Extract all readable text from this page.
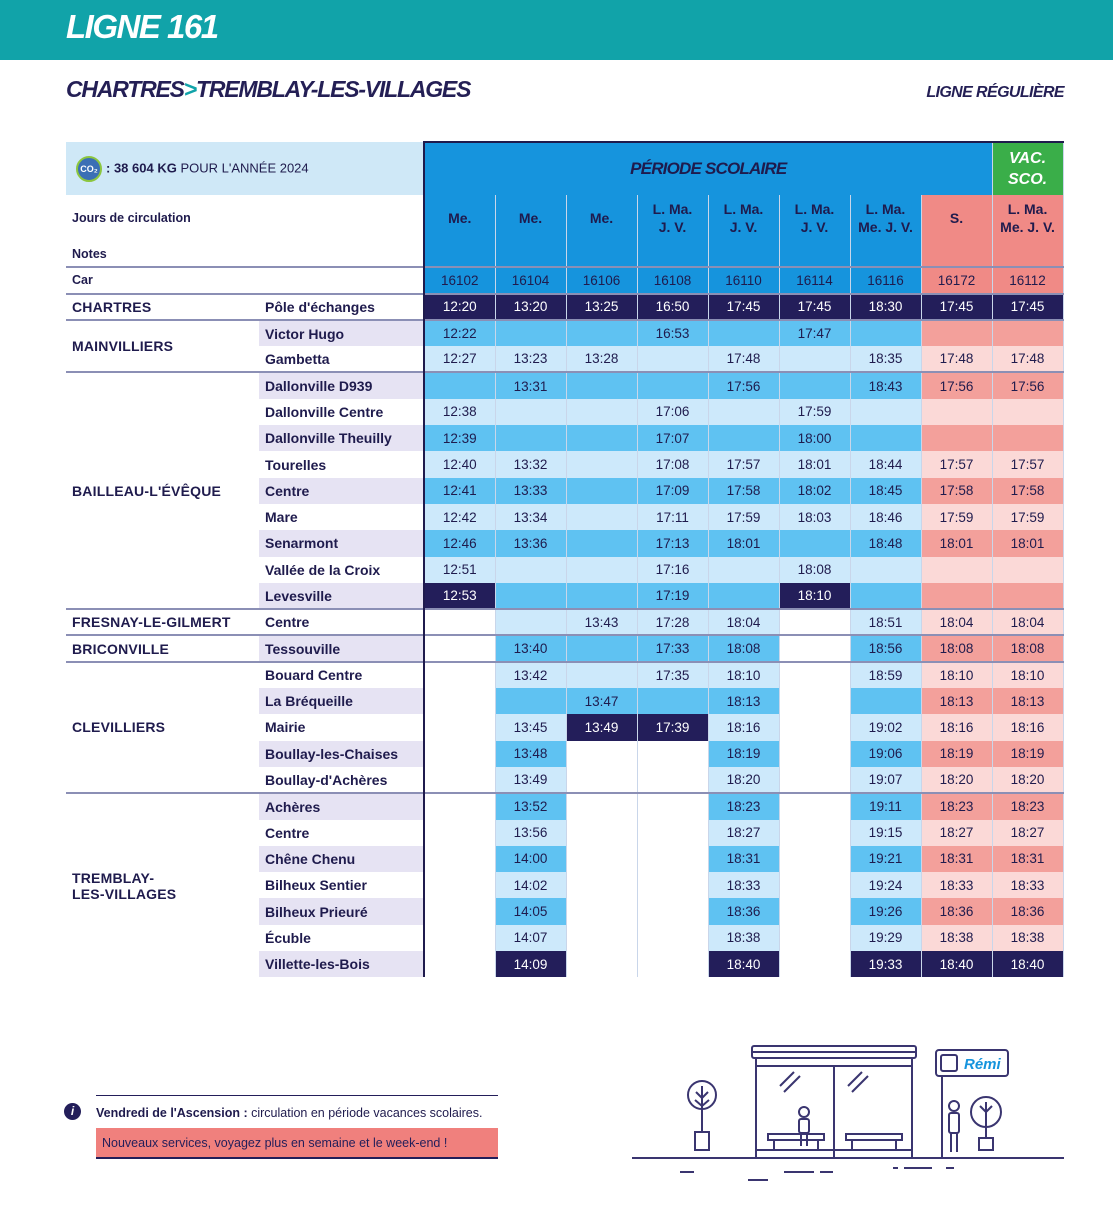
LIGNE 161
CHARTRES>TREMBLAY-LES-VILLAGES	LIGNE RÉGULIÈRE
CO₂ : 38 604 KG POUR L'ANNÉE 2024		PÉRIODE SCOLAIRE								VAC.
SCO.
Jours de circulation		Me.	Me.	Me.	L. Ma.
J. V.	L. Ma.
J. V.	L. Ma.
J. V.	L. Ma.
Me. J. V.	S.	L. Ma.
Me. J. V.
Notes										
Car		16102	16104	16106	16108	16110	16114	16116	16172	16112
CHARTRES	Pôle d'échanges	12:20	13:20	13:25	16:50	17:45	17:45	18:30	17:45	17:45
MAINVILLIERS	Victor Hugo	12:22			16:53		17:47			
	Gambetta	12:27	13:23	13:28		17:48		18:35	17:48	17:48
BAILLEAU-L'ÉVÊQUE	Dallonville D939		13:31			17:56		18:43	17:56	17:56
	Dallonville Centre	12:38			17:06		17:59			
	Dallonville Theuilly	12:39			17:07		18:00			
	Tourelles	12:40	13:32		17:08	17:57	18:01	18:44	17:57	17:57
	Centre	12:41	13:33		17:09	17:58	18:02	18:45	17:58	17:58
	Mare	12:42	13:34		17:11	17:59	18:03	18:46	17:59	17:59
	Senarmont	12:46	13:36		17:13	18:01		18:48	18:01	18:01
	Vallée de la Croix	12:51			17:16		18:08			
	Levesville	12:53			17:19		18:10			
FRESNAY-LE-GILMERT	Centre			13:43	17:28	18:04		18:51	18:04	18:04
BRICONVILLE	Tessouville		13:40		17:33	18:08		18:56	18:08	18:08
CLEVILLIERS	Bouard Centre		13:42		17:35	18:10		18:59	18:10	18:10
	La Bréqueille			13:47		18:13			18:13	18:13
	Mairie		13:45	13:49	17:39	18:16		19:02	18:16	18:16
	Boullay-les-Chaises		13:48			18:19		19:06	18:19	18:19
	Boullay-d'Achères		13:49			18:20		19:07	18:20	18:20
TREMBLAY-
LES-VILLAGES	Achères		13:52			18:23		19:11	18:23	18:23
	Centre		13:56			18:27		19:15	18:27	18:27
	Chêne Chenu		14:00			18:31		19:21	18:31	18:31
	Bilheux Sentier		14:02			18:33		19:24	18:33	18:33
	Bilheux Prieuré		14:05			18:36		19:26	18:36	18:36
	Écuble		14:07			18:38		19:29	18:38	18:38
	Villette-les-Bois		14:09			18:40		19:33	18:40	18:40
i	Vendredi de l'Ascension : circulation en période vacances scolaires.
Nouveaux services, voyagez plus en semaine et le week-end !
Rémi
